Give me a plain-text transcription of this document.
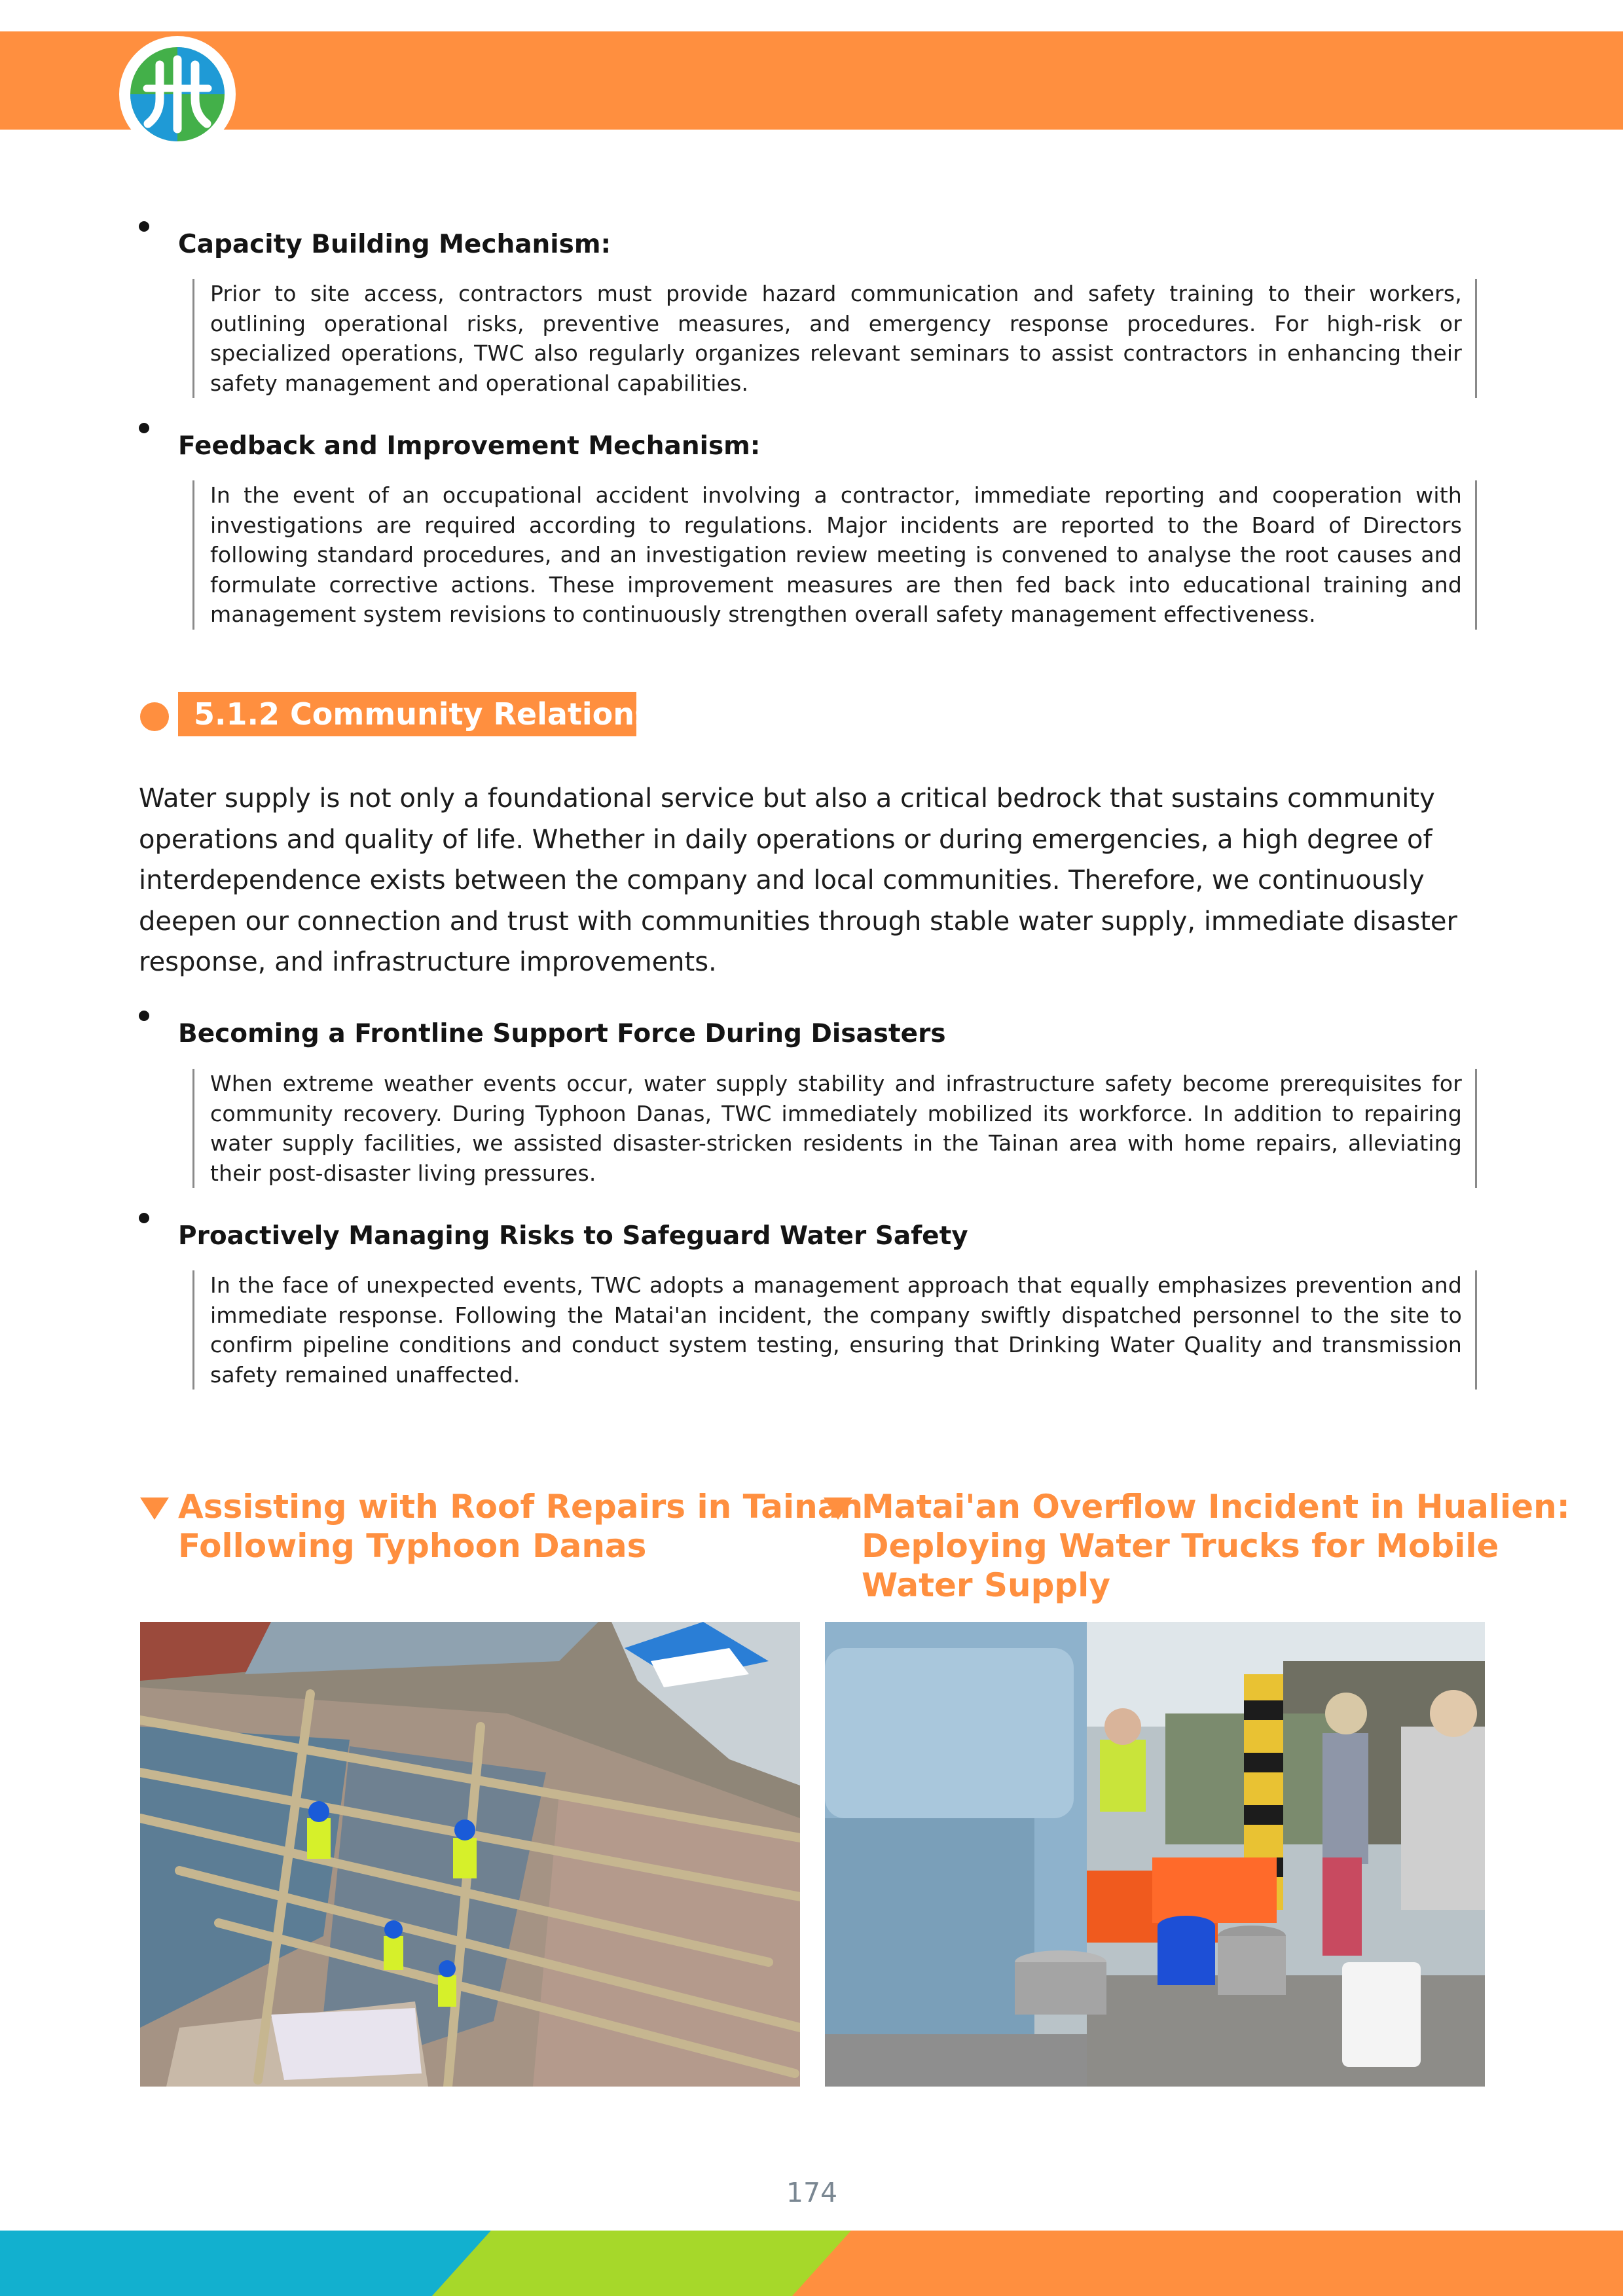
Capacity Building Mechanism:

Prior to site access, contractors must provide hazard communication and safety training to their workers, outlining operational risks, preventive measures, and emergency response procedures. For high-risk or specialized operations, TWC also regularly organizes relevant seminars to assist contractors in enhancing their safety management and operational capabilities.

Feedback and Improvement Mechanism:

In the event of an occupational accident involving a contractor, immediate reporting and cooperation with investigations are required according to regulations. Major incidents are reported to the Board of Directors following standard procedures, and an investigation review meeting is convened to analyse the root causes and formulate corrective actions. These improvement measures are then fed back into educational training and management system revisions to continuously strengthen overall safety management effectiveness.

5.1.2 Community Relations

Water supply is not only a foundational service but also a critical bedrock that sustains community operations and quality of life. Whether in daily operations or during emergencies, a high degree of interdependence exists between the company and local communities. Therefore, we continuously deepen our connection and trust with communities through stable water supply, immediate disaster response, and infrastructure improvements.

Becoming a Frontline Support Force During Disasters

When extreme weather events occur, water supply stability and infrastructure safety become prerequisites for community recovery. During Typhoon Danas, TWC immediately mobilized its workforce. In addition to repairing water supply facilities, we assisted disaster-stricken residents in the Tainan area with home repairs, alleviating their post-disaster living pressures.

Proactively Managing Risks to Safeguard Water Safety

In the face of unexpected events, TWC adopts a management approach that equally emphasizes prevention and immediate response. Following the Matai'an incident, the company swiftly dispatched personnel to the site to confirm pipeline conditions and conduct system testing, ensuring that Drinking Water Quality and transmission safety remained unaffected.

Assisting with Roof Repairs in Tainan
Following Typhoon Danas
Matai'an Overflow Incident in Hualien:
Deploying Water Trucks for Mobile
Water Supply
174
